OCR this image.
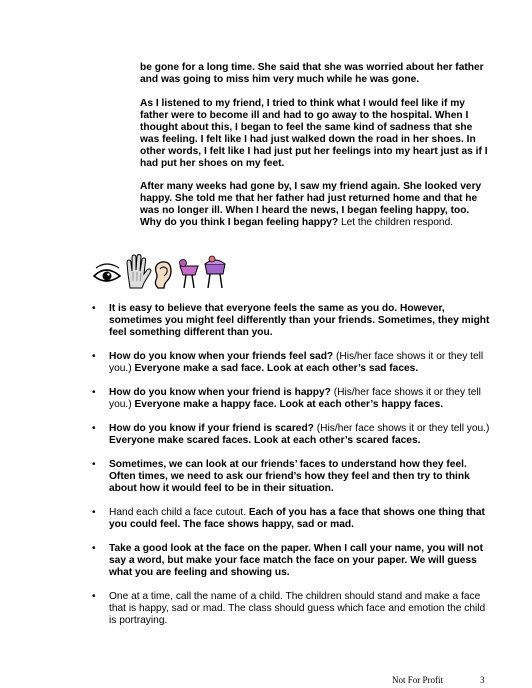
be gone for a long time. She said that she was worried about her father and was going to miss him very much while he was gone.

As I listened to my friend, I tried to think what I would feel like if my father were to become ill and had to go away to the hospital. When I thought about this, I began to feel the same kind of sadness that she was feeling. I felt like I had just walked down the road in her shoes. In other words, I felt like I had just put her feelings into my heart just as if I had put her shoes on my feet.

After many weeks had gone by, I saw my friend again. She looked very happy. She told me that her father had just returned home and that he was no longer ill. When I heard the news, I began feeling happy, too. Why do you think I began feeling happy? Let the children respond.

• It is easy to believe that everyone feels the same as you do. However, sometimes you might feel differently than your friends. Sometimes, they might feel something different than you.
• How do you know when your friends feel sad? (His/her face shows it or they tell you.) Everyone make a sad face. Look at each other’s sad faces.
• How do you know when your friend is happy? (His/her face shows it or they tell you.) Everyone make a happy face. Look at each other’s happy faces.
• How do you know if your friend is scared? (His/her face shows it or they tell you.) Everyone make scared faces. Look at each other’s scared faces.
• Sometimes, we can look at our friends’ faces to understand how they feel. Often times, we need to ask our friend’s how they feel and then try to think about how it would feel to be in their situation.
• Hand each child a face cutout. Each of you has a face that shows one thing that you could feel. The face shows happy, sad or mad.
• Take a good look at the face on the paper. When I call your name, you will not say a word, but make your face match the face on your paper. We will guess what you are feeling and showing us.
• One at a time, call the name of a child. The children should stand and make a face that is happy, sad or mad. The class should guess which face and emotion the child is portraying.
Not For Profit	3
